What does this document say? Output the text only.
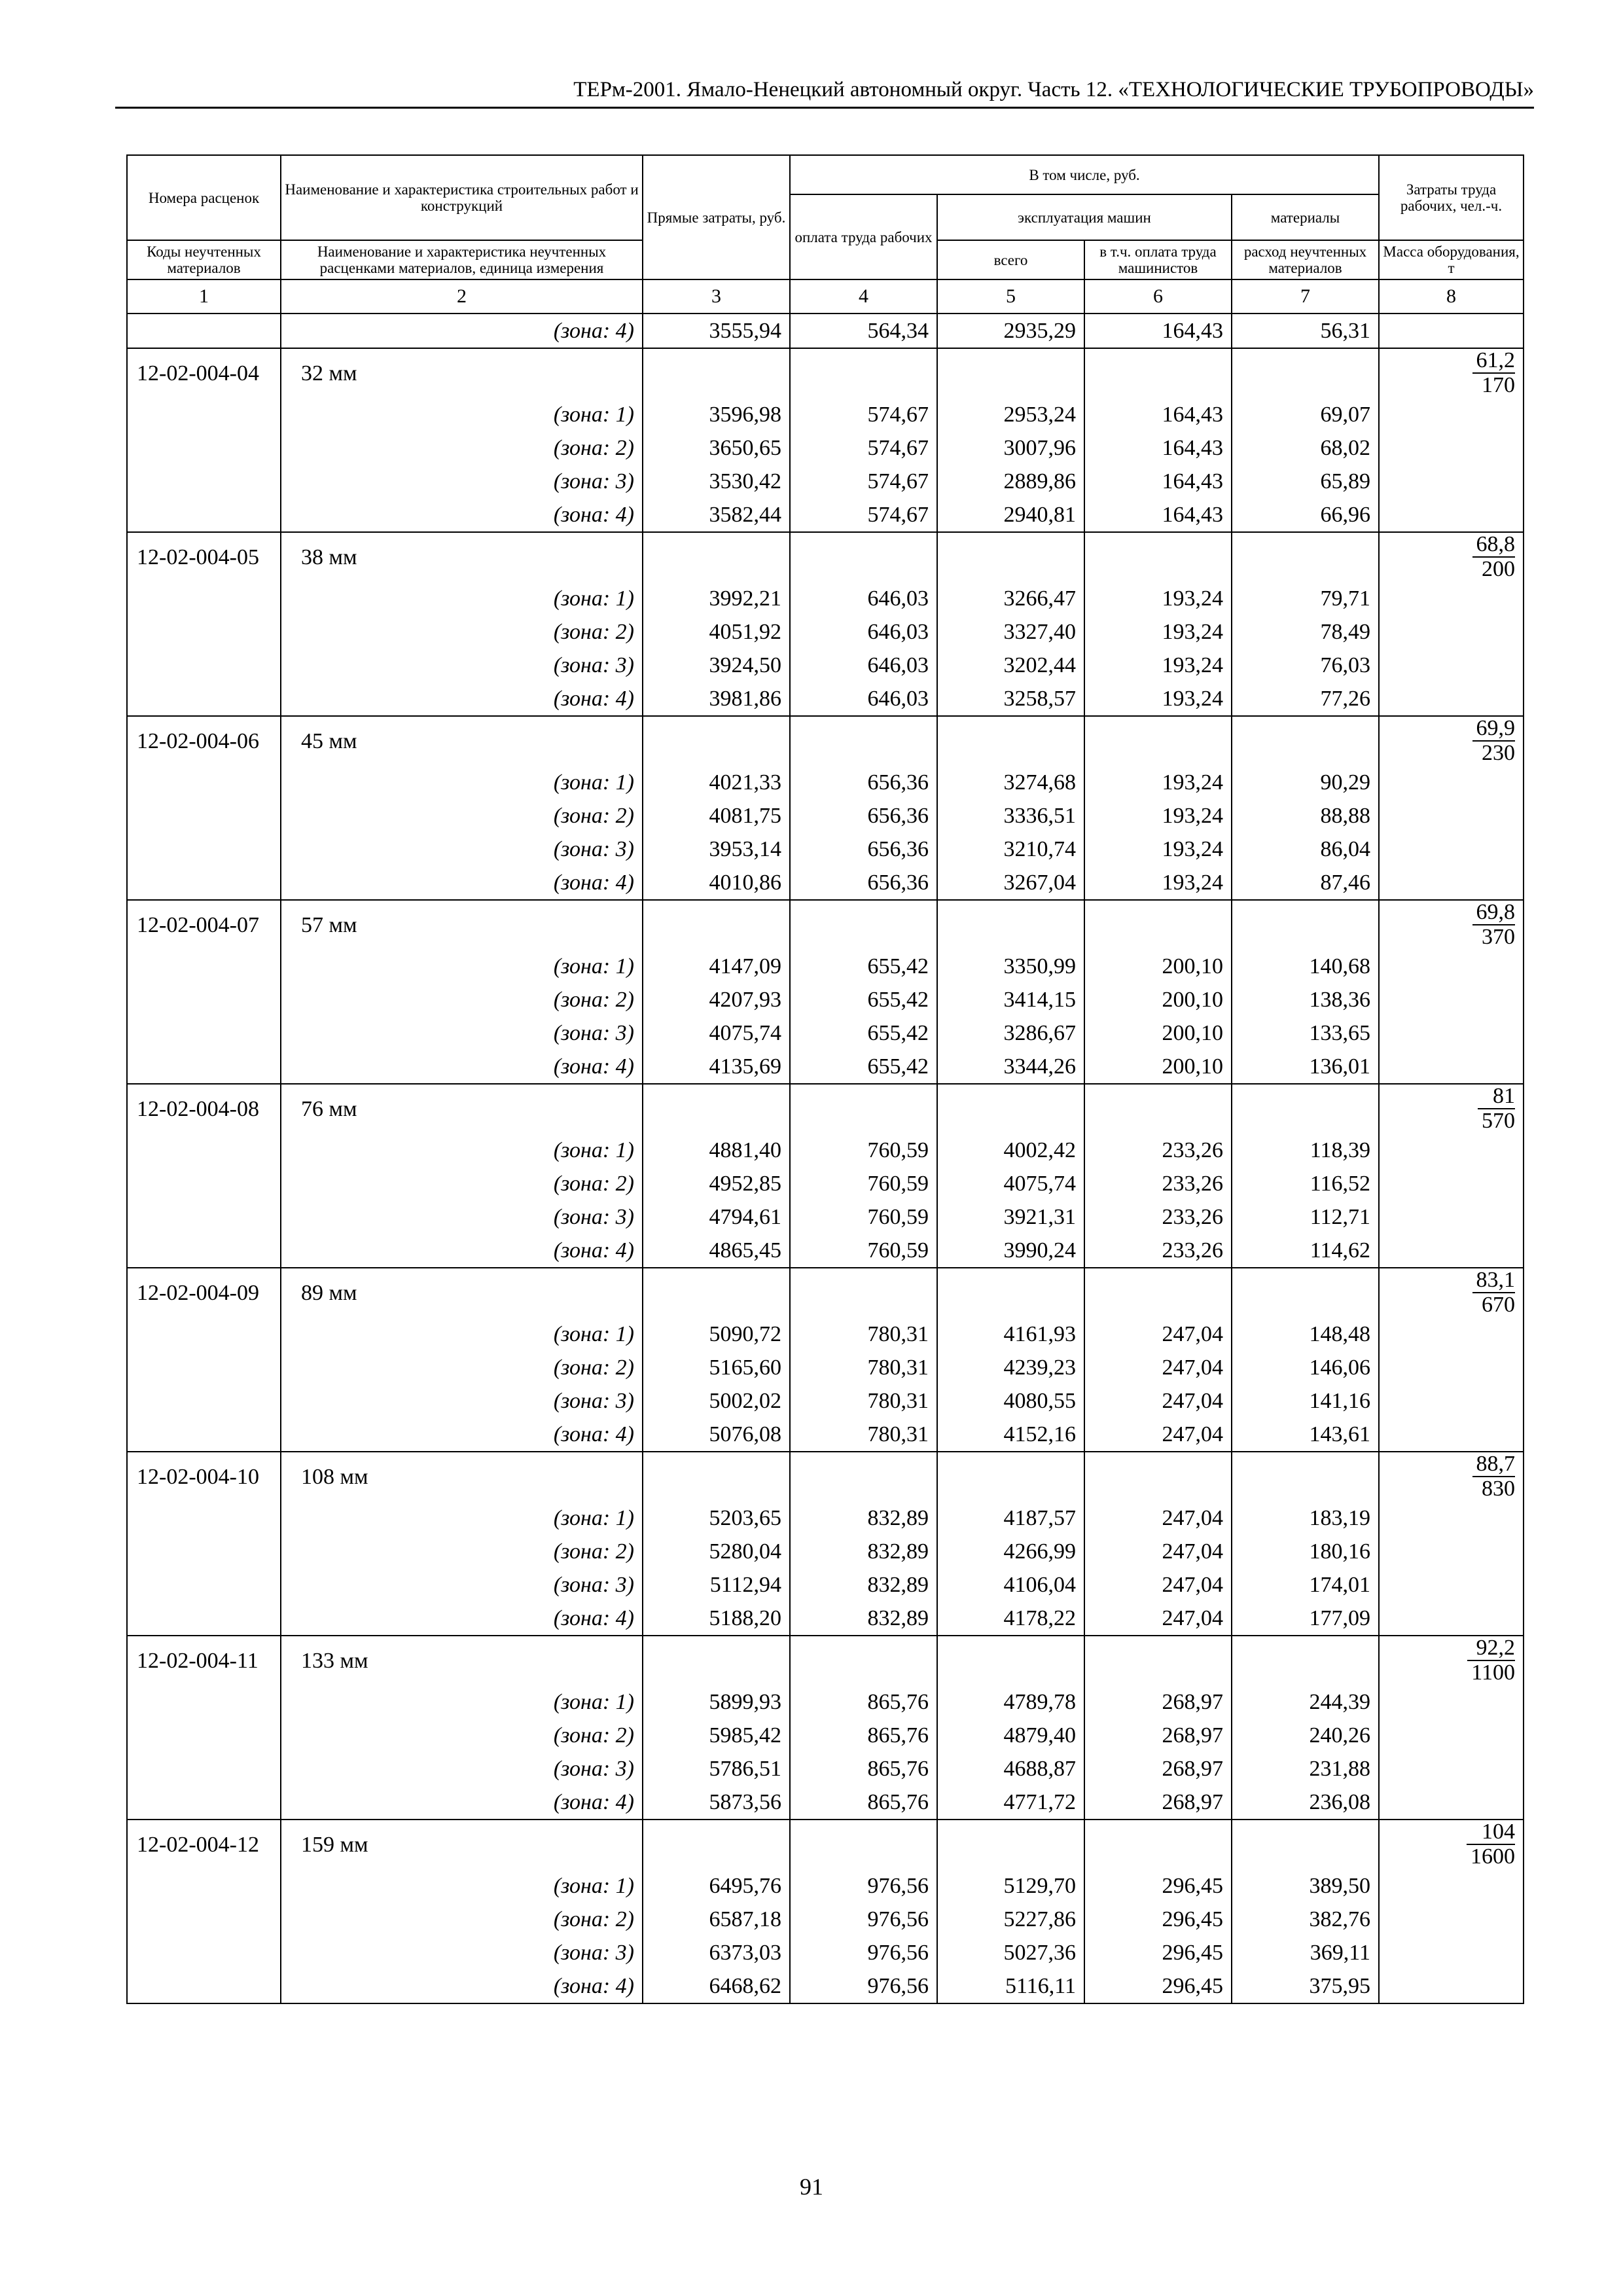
ТЕРм-2001. Ямало-Ненецкий автономный округ. Часть 12. «ТЕХНОЛОГИЧЕСКИЕ ТРУБОПРОВОДЫ»
Номера расценок	Наименование и характеристика строительных работ и конструкций	Прямые затраты, руб.	В том числе, руб.				Затраты труда рабочих, чел.-ч.
			оплата труда рабочих	эксплуатация машин		материалы	
Коды неучтенных материалов	Наименование и характеристика неучтенных расценками материалов, единица измерения			всего	в т.ч. оплата труда машинистов	расход неучтенных материалов	Масса оборудования, т

1	2	3	4	5	6	7	8
	(зона: 4)	3555,94	564,34	2935,29	164,43	56,31	
12-02-004-04	32 мм						$\frac{61,2}{170}$

	(зона: 1)	3596,98	574,67	2953,24	164,43	69,07	
	(зона: 2)	3650,65	574,67	3007,96	164,43	68,02	
	(зона: 3)	3530,42	574,67	2889,86	164,43	65,89	
	(зона: 4)	3582,44	574,67	2940,81	164,43	66,96	
12-02-004-05	38 мм						$\frac{68,8}{200}$

	(зона: 1)	3992,21	646,03	3266,47	193,24	79,71	
	(зона: 2)	4051,92	646,03	3327,40	193,24	78,49	
	(зона: 3)	3924,50	646,03	3202,44	193,24	76,03	
	(зона: 4)	3981,86	646,03	3258,57	193,24	77,26	
12-02-004-06	45 мм						$\frac{69,9}{230}$

	(зона: 1)	4021,33	656,36	3274,68	193,24	90,29	
	(зона: 2)	4081,75	656,36	3336,51	193,24	88,88	
	(зона: 3)	3953,14	656,36	3210,74	193,24	86,04	
	(зона: 4)	4010,86	656,36	3267,04	193,24	87,46	
12-02-004-07	57 мм						$\frac{69,8}{370}$

	(зона: 1)	4147,09	655,42	3350,99	200,10	140,68	
	(зона: 2)	4207,93	655,42	3414,15	200,10	138,36	
	(зона: 3)	4075,74	655,42	3286,67	200,10	133,65	
	(зона: 4)	4135,69	655,42	3344,26	200,10	136,01	
12-02-004-08	76 мм						$\frac{81}{570}$

	(зона: 1)	4881,40	760,59	4002,42	233,26	118,39	
	(зона: 2)	4952,85	760,59	4075,74	233,26	116,52	
	(зона: 3)	4794,61	760,59	3921,31	233,26	112,71	
	(зона: 4)	4865,45	760,59	3990,24	233,26	114,62	
12-02-004-09	89 мм						$\frac{83,1}{670}$

	(зона: 1)	5090,72	780,31	4161,93	247,04	148,48	
	(зона: 2)	5165,60	780,31	4239,23	247,04	146,06	
	(зона: 3)	5002,02	780,31	4080,55	247,04	141,16	
	(зона: 4)	5076,08	780,31	4152,16	247,04	143,61	
12-02-004-10	108 мм						$\frac{88,7}{830}$

	(зона: 1)	5203,65	832,89	4187,57	247,04	183,19	
	(зона: 2)	5280,04	832,89	4266,99	247,04	180,16	
	(зона: 3)	5112,94	832,89	4106,04	247,04	174,01	
	(зона: 4)	5188,20	832,89	4178,22	247,04	177,09	
12-02-004-11	133 мм						$\frac{92,2}{1100}$

	(зона: 1)	5899,93	865,76	4789,78	268,97	244,39	
	(зона: 2)	5985,42	865,76	4879,40	268,97	240,26	
	(зона: 3)	5786,51	865,76	4688,87	268,97	231,88	
	(зона: 4)	5873,56	865,76	4771,72	268,97	236,08	
12-02-004-12	159 мм						$\frac{104}{1600}$

	(зона: 1)	6495,76	976,56	5129,70	296,45	389,50	
	(зона: 2)	6587,18	976,56	5227,86	296,45	382,76	
	(зона: 3)	6373,03	976,56	5027,36	296,45	369,11	
	(зона: 4)	6468,62	976,56	5116,11	296,45	375,95	
91
